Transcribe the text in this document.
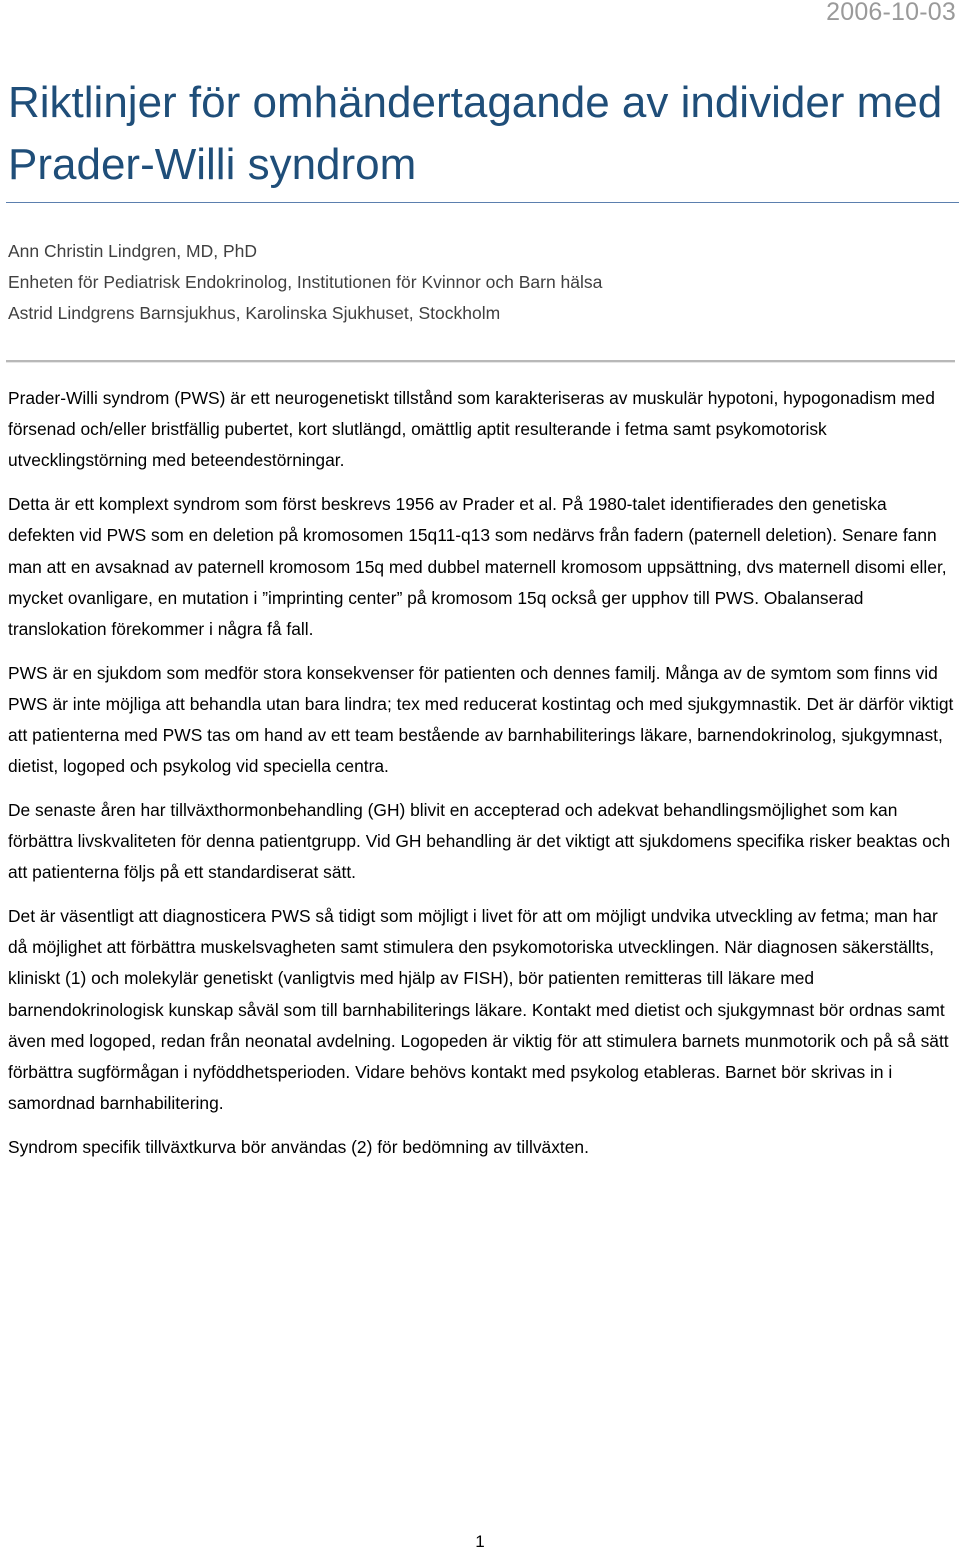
2006-10-03
Riktlinjer för omhändertagande av individer med Prader-Willi syndrom
Ann Christin Lindgren, MD, PhD
Enheten för Pediatrisk Endokrinolog, Institutionen för Kvinnor och Barn hälsa
Astrid Lindgrens Barnsjukhus, Karolinska Sjukhuset, Stockholm

Prader-Willi syndrom (PWS) är ett neurogenetiskt tillstånd som karakteriseras av muskulär hypotoni, hypogonadism med försenad och/eller bristfällig pubertet, kort slutlängd, omättlig aptit resulterande i fetma samt psykomotorisk utvecklingstörning med beteendestörningar.

Detta är ett komplext syndrom som först beskrevs 1956 av Prader et al. På 1980-talet identifierades den genetiska defekten vid PWS som en deletion på kromosomen 15q11-q13 som nedärvs från fadern (paternell deletion). Senare fann man att en avsaknad av paternell kromosom 15q med dubbel maternell kromosom uppsättning, dvs maternell disomi eller, mycket ovanligare, en mutation i ”imprinting center” på kromosom 15q också ger upphov till PWS. Obalanserad translokation förekommer i några få fall.

PWS är en sjukdom som medför stora konsekvenser för patienten och dennes familj. Många av de symtom som finns vid PWS är inte möjliga att behandla utan bara lindra; tex med reducerat kostintag och med sjukgymnastik. Det är därför viktigt att patienterna med PWS tas om hand av ett team bestående av barnhabiliterings läkare, barnendokrinolog, sjukgymnast, dietist, logoped och psykolog vid speciella centra.

De senaste åren har tillväxthormonbehandling (GH) blivit en accepterad och adekvat behandlingsmöjlighet som kan förbättra livskvaliteten för denna patientgrupp. Vid GH behandling är det viktigt att sjukdomens specifika risker beaktas och att patienterna följs på ett standardiserat sätt.

Det är väsentligt att diagnosticera PWS så tidigt som möjligt i livet för att om möjligt undvika utveckling av fetma; man har då möjlighet att förbättra muskelsvagheten samt stimulera den psykomotoriska utvecklingen. När diagnosen säkerställts, kliniskt (1) och molekylär genetiskt (vanligtvis med hjälp av FISH), bör patienten remitteras till läkare med barnendokrinologisk kunskap såväl som till barnhabiliterings läkare. Kontakt med dietist och sjukgymnast bör ordnas samt även med logoped, redan från neonatal avdelning. Logopeden är viktig för att stimulera barnets munmotorik och på så sätt förbättra sugförmågan i nyföddhetsperioden. Vidare behövs kontakt med psykolog etableras. Barnet bör skrivas in i samordnad barnhabilitering.

Syndrom specifik tillväxtkurva bör användas (2) för bedömning av tillväxten.

1
